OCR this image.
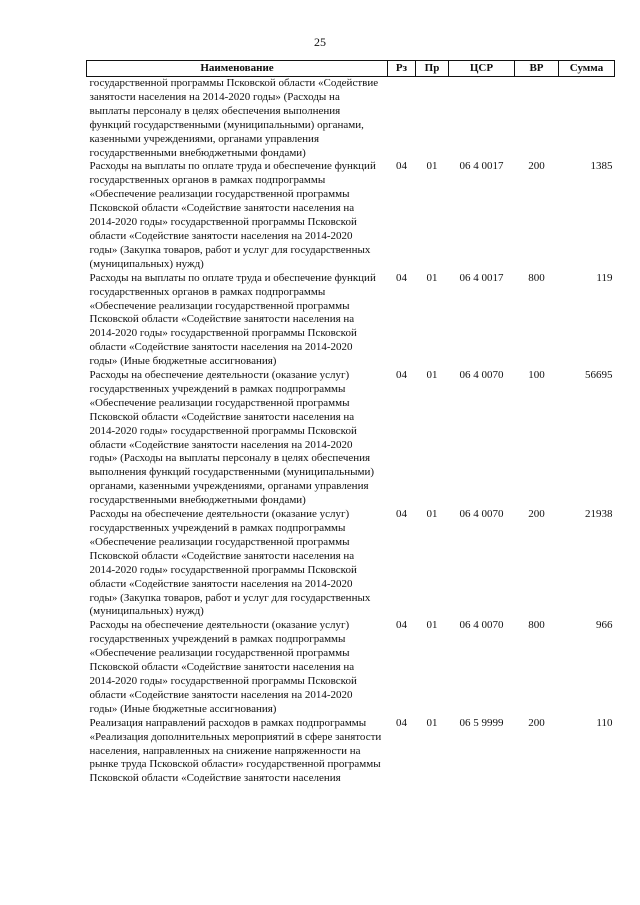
25
Наименование	Рз	Пр	ЦСР	ВР	Сумма
государственной программы Псковской области «Содействие занятости населения на 2014-2020 годы» (Расходы на выплаты персоналу в целях обеспечения выполнения функций государственными (муниципальными) органами, казенными учреждениями, органами управления государственными внебюджетными фондами)					
Расходы на выплаты по оплате труда и обеспечение функций государственных органов в рамках подпрограммы «Обеспечение реализации государственной программы Псковской области «Содействие занятости населения на 2014-2020 годы» государственной программы Псковской области «Содействие занятости населения на 2014-2020 годы» (Закупка товаров, работ и услуг для государственных (муниципальных) нужд)	04	01	06 4 0017	200	1385
Расходы на выплаты по оплате труда и обеспечение функций государственных органов в рамках подпрограммы «Обеспечение реализации государственной программы Псковской области «Содействие занятости населения на 2014-2020 годы» государственной программы Псковской области «Содействие занятости населения на 2014-2020 годы» (Иные бюджетные ассигнования)	04	01	06 4 0017	800	119
Расходы на обеспечение деятельности (оказание услуг) государственных учреждений в рамках подпрограммы «Обеспечение реализации государственной программы Псковской области «Содействие занятости населения на 2014-2020 годы» государственной программы Псковской области «Содействие занятости населения на 2014-2020 годы» (Расходы на выплаты персоналу в целях обеспечения выполнения функций государственными (муниципальными) органами, казенными учреждениями, органами управления государственными внебюджетными фондами)	04	01	06 4 0070	100	56695
Расходы на обеспечение деятельности (оказание услуг) государственных учреждений в рамках подпрограммы «Обеспечение реализации государственной программы Псковской области «Содействие занятости населения на 2014-2020 годы» государственной программы Псковской области «Содействие занятости населения на 2014-2020 годы» (Закупка товаров, работ и услуг для государственных (муниципальных) нужд)	04	01	06 4 0070	200	21938
Расходы на обеспечение деятельности (оказание услуг) государственных учреждений в рамках подпрограммы «Обеспечение реализации государственной программы Псковской области «Содействие занятости населения на 2014-2020 годы» государственной программы Псковской области «Содействие занятости населения на 2014-2020 годы» (Иные бюджетные ассигнования)	04	01	06 4 0070	800	966
Реализация направлений расходов в рамках подпрограммы «Реализация дополнительных мероприятий в сфере занятости населения, направленных на снижение напряженности на рынке труда Псковской области» государственной программы Псковской области «Содействие занятости населения	04	01	06 5 9999	200	110
